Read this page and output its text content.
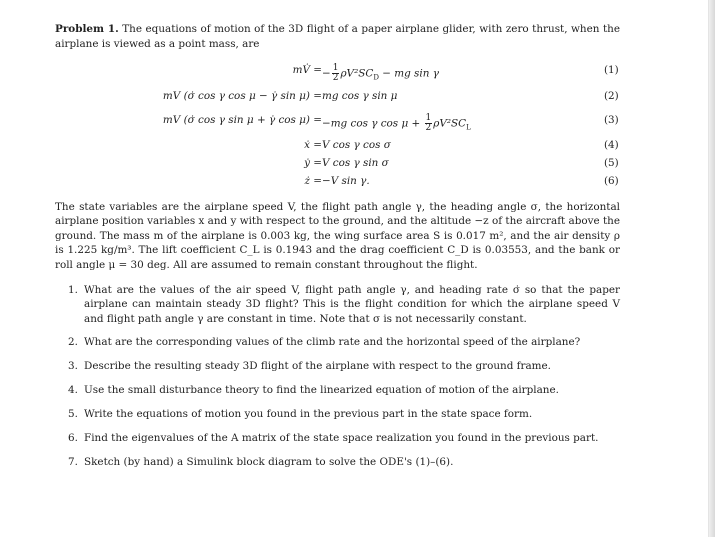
Problem 1. The equations of motion of the 3D flight of a paper airplane glider, with zero thrust, when the airplane is viewed as a point mass, are
mV̇ = − $\frac{1}{2} \rho V^2SC_D$ − mg sin γ	(1)
mV (σ̇ cos γ cos μ − γ̇ sin μ) = mg cos γ sin μ	(2)
mV (σ̇ cos γ sin μ + γ̇ cos μ) = −mg cos γ $\cos \mu + \frac{1}{2} \rho V^2SC_L$
(3)
ẋ = V cos γ cos σ	(4)
ẏ = V cos γ sin σ	(5)
ż = −V sin γ.	(6)
The state variables are the airplane speed V, the flight path angle γ, the heading angle σ, the horizontal airplane position variables x and y with respect to the ground, and the altitude −z of the aircraft above the ground. The mass m of the airplane is 0.003 kg, the wing surface area S is 0.017 m², and the air density ρ is 1.225 kg/m³. The lift coefficient C_L is 0.1943 and the drag coefficient C_D is 0.03553, and the bank or roll angle μ = 30 deg. All are assumed to remain constant throughout the flight.
1. What are the values of the air speed V, flight path angle γ, and heading rate σ̇ so that the paper airplane can maintain steady 3D flight? This is the flight condition for which the airplane speed V and flight path angle γ are constant in time. Note that σ is not necessarily constant.
2. What are the corresponding values of the climb rate and the horizontal speed of the airplane?
3. Describe the resulting steady 3D flight of the airplane with respect to the ground frame.
4. Use the small disturbance theory to find the linearized equation of motion of the airplane.
5. Write the equations of motion you found in the previous part in the state space form.
6. Find the eigenvalues of the A matrix of the state space realization you found in the previous part.
7. Sketch (by hand) a Simulink block diagram to solve the ODE's (1)–(6).
